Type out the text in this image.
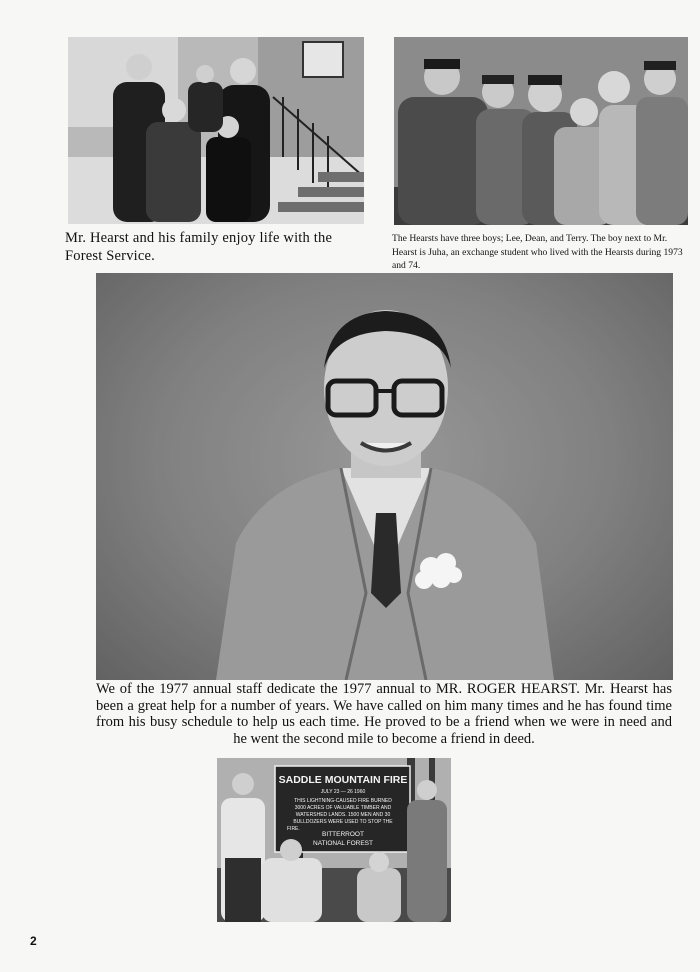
Mr. Hearst and his family enjoy life with the Forest Service.
The Hearsts have three boys; Lee, Dean, and Terry. The boy next to Mr. Hearst is Juha, an exchange student who lived with the Hearsts during 1973 and 74.
We of the 1977 annual staff dedicate the 1977 annual to MR. ROGER HEARST. Mr. Hearst has been a great help for a number of years. We have called on him many times and he has found time from his busy schedule to help us each time. He proved to be a friend when we were in need and he went the second mile to become a friend in deed.
SADDLE MOUNTAIN FIRE
JULY 23 — 26 1960
THIS LIGHTNING-CAUSED FIRE BURNED
3000 ACRES OF VALUABLE TIMBER AND
WATERSHED LANDS. 1500 MEN AND 30
BULLDOZERS WERE USED TO STOP THE
FIRE.
BITTERROOT
NATIONAL FOREST
2
